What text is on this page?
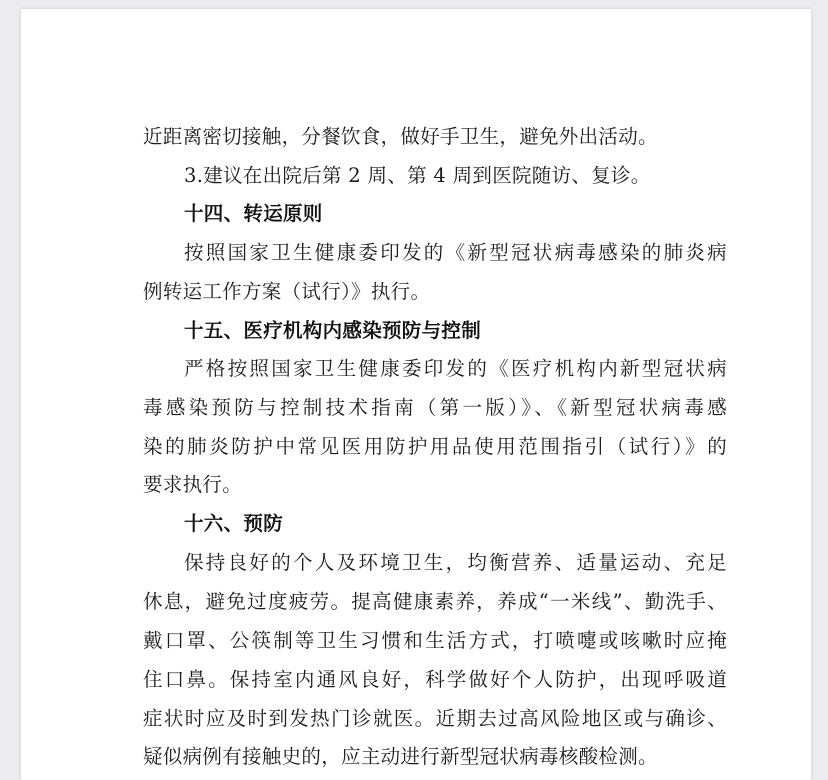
近距离密切接触，分餐饮食，做好手卫生，避免外出活动。
3.建议在出院后第 2 周、第 4 周到医院随访、复诊。
十四、转运原则
按照国家卫生健康委印发的《新型冠状病毒感染的肺炎病
例转运工作方案（试行）》执行。
十五、医疗机构内感染预防与控制
严格按照国家卫生健康委印发的《医疗机构内新型冠状病
毒感染预防与控制技术指南（第一版）》、《新型冠状病毒感
染的肺炎防护中常见医用防护用品使用范围指引（试行）》的
要求执行。
十六、预防
保持良好的个人及环境卫生，均衡营养、适量运动、充足
休息，避免过度疲劳。提高健康素养，养成“一米线”、勤洗手、
戴口罩、公筷制等卫生习惯和生活方式，打喷嚏或咳嗽时应掩
住口鼻。保持室内通风良好，科学做好个人防护，出现呼吸道
症状时应及时到发热门诊就医。近期去过高风险地区或与确诊、
疑似病例有接触史的，应主动进行新型冠状病毒核酸检测。
